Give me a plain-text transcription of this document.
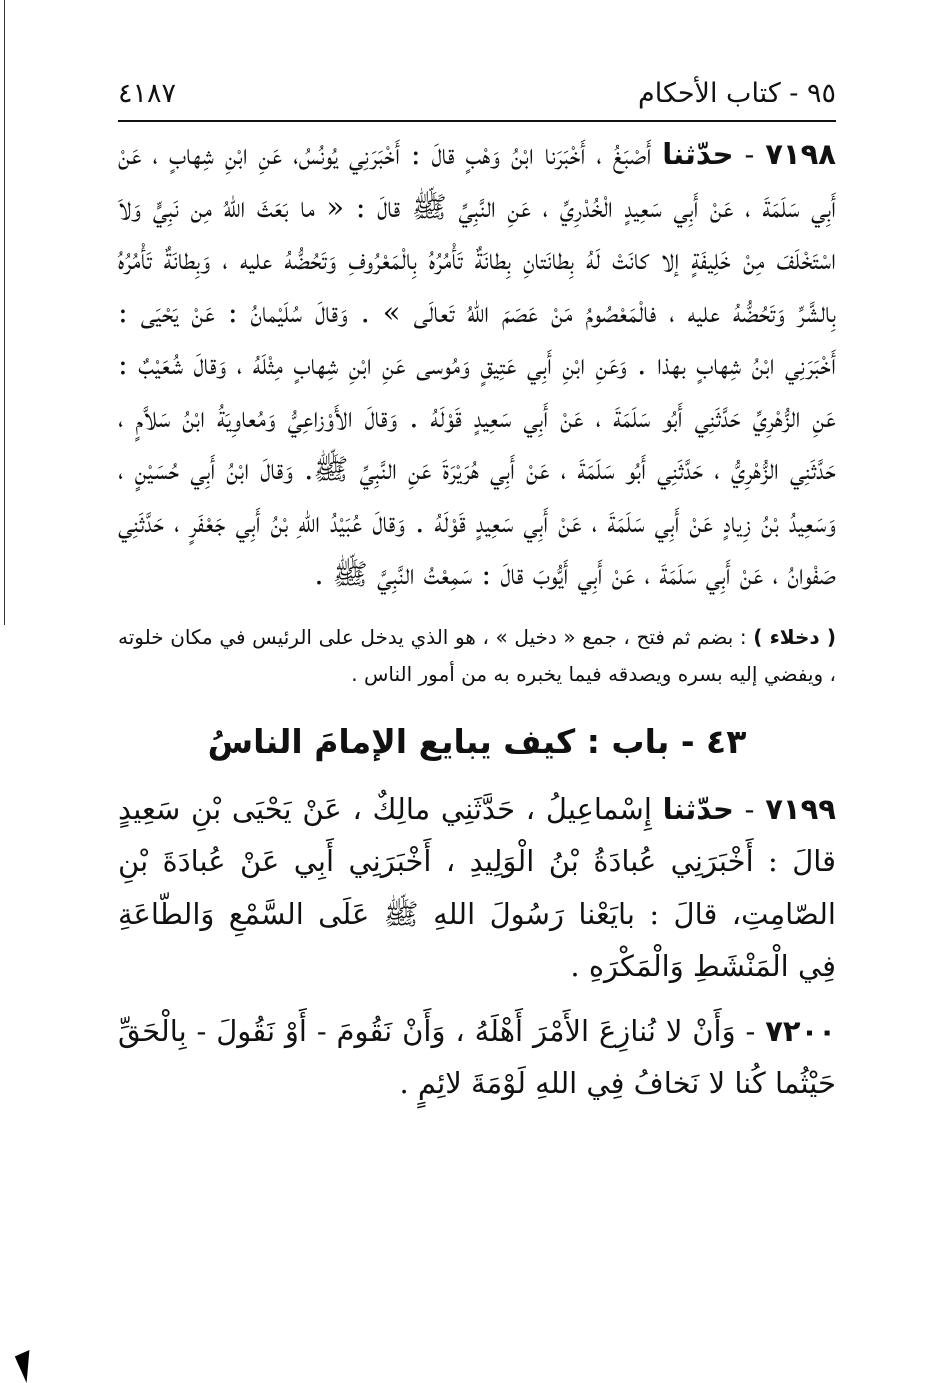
٩٥ - كتاب الأحكام
٤١٨٧

٧١٩٨ - حدّثنا أَصْبَغُ ، أَخْبَرَنا ابْنُ وَهْبٍ قالَ : أَخْبَرَنِي يُونُسُ، عَنِ ابْنِ شِهابٍ ، عَنْ أَبِي سَلَمَةَ ، عَنْ أَبِي سَعِيدٍ الْخُدْرِيِّ ، عَنِ النَّبِيِّ ﷺ قالَ : « ما بَعَثَ اللهُ مِن نَبِيٍّ وَلاَ اسْتَخْلَفَ مِنْ خَلِيفَةٍ إلا كانَتْ لَهُ بِطانَتانِ بِطانَةٌ تَأْمُرُهُ بِالْمَعْرُوفِ وَتَحُضُّهُ عليه ، وَبِطانَةٌ تَأْمُرُهُ بِالشَّرِّ وَتَحُضُّهُ عليه ، فالْمَعْصُومُ مَنْ عَصَمَ اللهُ تَعالَى » . وَقالَ سُلَيْمانُ : عَنْ يَحْيَى : أَخْبَرَنِي ابْنُ شِهابٍ بهذا . وَعَنِ ابْنِ أَبِي عَتِيقٍ وَمُوسى عَنِ ابْنِ شِهابٍ مِثْلَهُ ، وَقالَ شُعَيْبٌ : عَنِ الزُّهْرِيِّ حَدَّثَنِي أَبُو سَلَمَةَ ، عَنْ أَبِي سَعِيدٍ قَوْلَهُ . وَقالَ الأَوْزاعِيُّ وَمُعاوِيَةُ ابْنُ سَلاَّمٍ ، حَدَّثَنِي الزُّهْرِيُّ ، حَدَّثَنِي أَبُو سَلَمَةَ ، عَنْ أَبِي هُرَيْرَةَ عَنِ النَّبِيِّ ﷺ. وَقالَ ابْنُ أَبِي حُسَيْنٍ ، وَسَعِيدُ بْنُ زِيادٍ عَنْ أَبِي سَلَمَةَ ، عَنْ أَبِي سَعِيدٍ قَوْلَهُ . وَقالَ عُبَيْدُ اللهِ بْنُ أَبِي جَعْفَرٍ ، حَدَّثَنِي صَفْوانُ ، عَنْ أَبِي سَلَمَةَ ، عَنْ أَبِي أَيُّوبَ قالَ : سَمِعْتُ النَّبِيَّ ﷺ .

( دخلاء ) : بضم ثم فتح ، جمع « دخيل » ، هو الذي يدخل على الرئيس في مكان خلوته ، ويفضي إليه بسره ويصدقه فيما يخبره به من أمور الناس .

٤٣ - باب : كيف يبايع الإمامَ الناسُ

٧١٩٩ - حدّثنا إِسْماعِيلُ ، حَدَّثَنِي مالِكٌ ، عَنْ يَحْيَى بْنِ سَعِيدٍ قالَ : أَخْبَرَنِي عُبادَةُ بْنُ الْوَلِيدِ ، أَخْبَرَنِي أَبِي عَنْ عُبادَةَ بْنِ الصّامِتِ، قالَ : بايَعْنا رَسُولَ اللهِ ﷺ عَلَى السَّمْعِ وَالطّاعَةِ فِي الْمَنْشَطِ وَالْمَكْرَهِ .

٧٢٠٠ - وَأَنْ لا نُنازِعَ الأَمْرَ أَهْلَهُ ، وَأَنْ نَقُومَ - أَوْ نَقُولَ - بِالْحَقِّ حَيْثُما كُنا لا نَخافُ فِي اللهِ لَوْمَةَ لائِمٍ .
